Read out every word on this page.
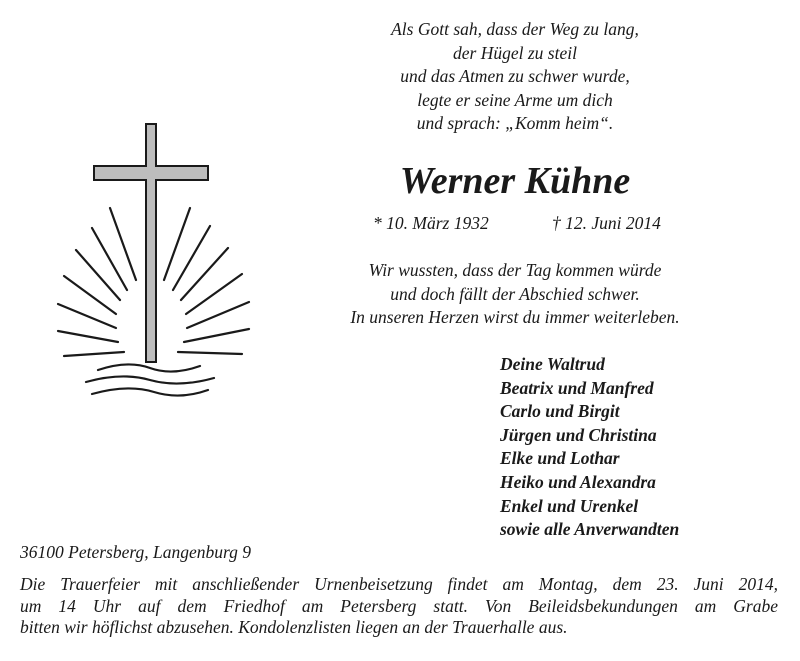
Als Gott sah, dass der Weg zu lang,
der Hügel zu steil
und das Atmen zu schwer wurde,
legte er seine Arme um dich
und sprach: „Komm heim“.
Werner Kühne
* 10. März 1932	† 12. Juni 2014
Wir wussten, dass der Tag kommen würde
und doch fällt der Abschied schwer.
In unseren Herzen wirst du immer weiterleben.
Deine Waltrud
Beatrix und Manfred
Carlo und Birgit
Jürgen und Christina
Elke und Lothar
Heiko und Alexandra
Enkel und Urenkel
sowie alle Anverwandten
36100 Petersberg, Langenburg 9
Die Trauerfeier mit anschließender Urnenbeisetzung findet am Montag, dem 23. Juni 2014,
um 14 Uhr auf dem Friedhof am Petersberg statt. Von Beileidsbekundungen am Grabe
bitten wir höflichst abzusehen. Kondolenzlisten liegen an der Trauerhalle aus.
